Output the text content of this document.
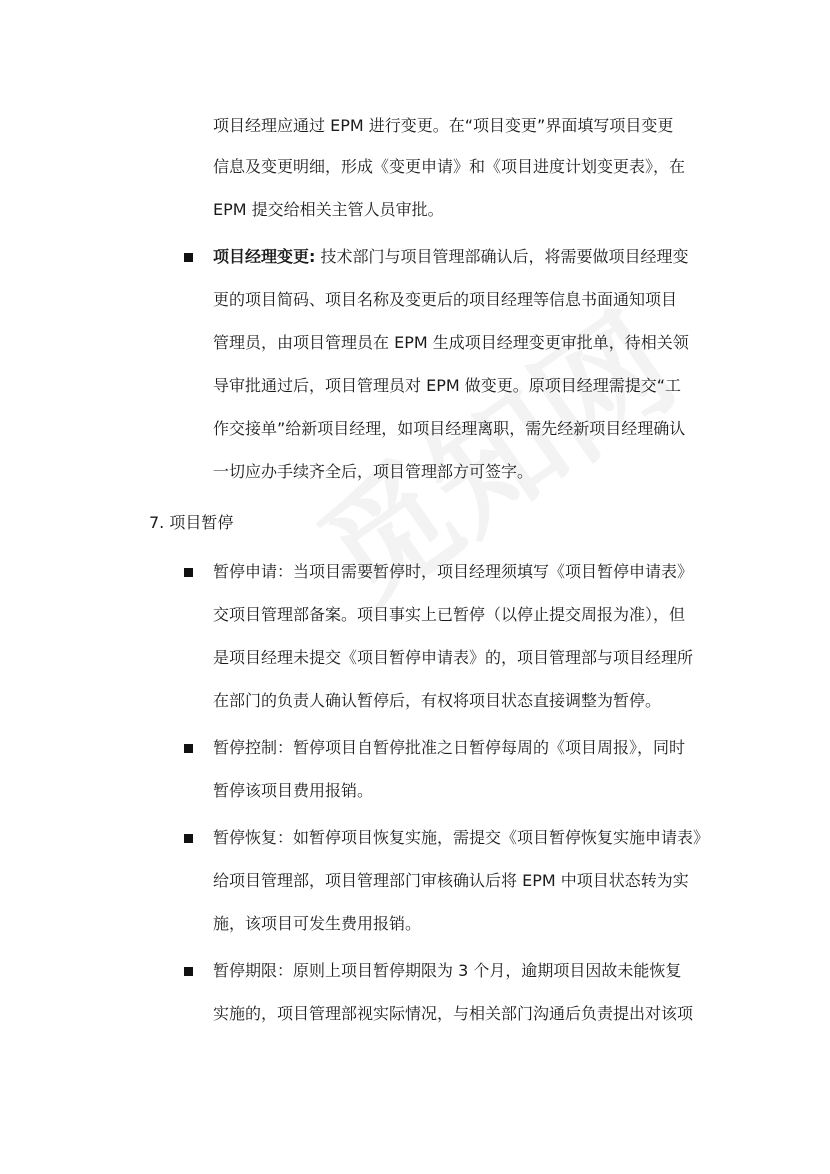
项目经理应通过 EPM 进行变更。在“项目变更”界面填写项目变更
信息及变更明细，形成《变更申请》和《项目进度计划变更表》，在
EPM 提交给相关主管人员审批。
项目经理变更: 技术部门与项目管理部确认后，将需要做项目经理变
更的项目简码、项目名称及变更后的项目经理等信息书面通知项目
管理员，由项目管理员在 EPM 生成项目经理变更审批单，待相关领
导审批通过后，项目管理员对 EPM 做变更。原项目经理需提交“工
作交接单”给新项目经理，如项目经理离职，需先经新项目经理确认
一切应办手续齐全后，项目管理部方可签字。
7. 项目暂停
暂停申请：当项目需要暂停时，项目经理须填写《项目暂停申请表》
交项目管理部备案。项目事实上已暂停（以停止提交周报为准），但
是项目经理未提交《项目暂停申请表》的，项目管理部与项目经理所
在部门的负责人确认暂停后，有权将项目状态直接调整为暂停。
暂停控制：暂停项目自暂停批准之日暂停每周的《项目周报》，同时
暂停该项目费用报销。
暂停恢复：如暂停项目恢复实施，需提交《项目暂停恢复实施申请表》
给项目管理部，项目管理部门审核确认后将 EPM 中项目状态转为实
施，该项目可发生费用报销。
暂停期限：原则上项目暂停期限为 3 个月，逾期项目因故未能恢复
实施的，项目管理部视实际情况，与相关部门沟通后负责提出对该项
